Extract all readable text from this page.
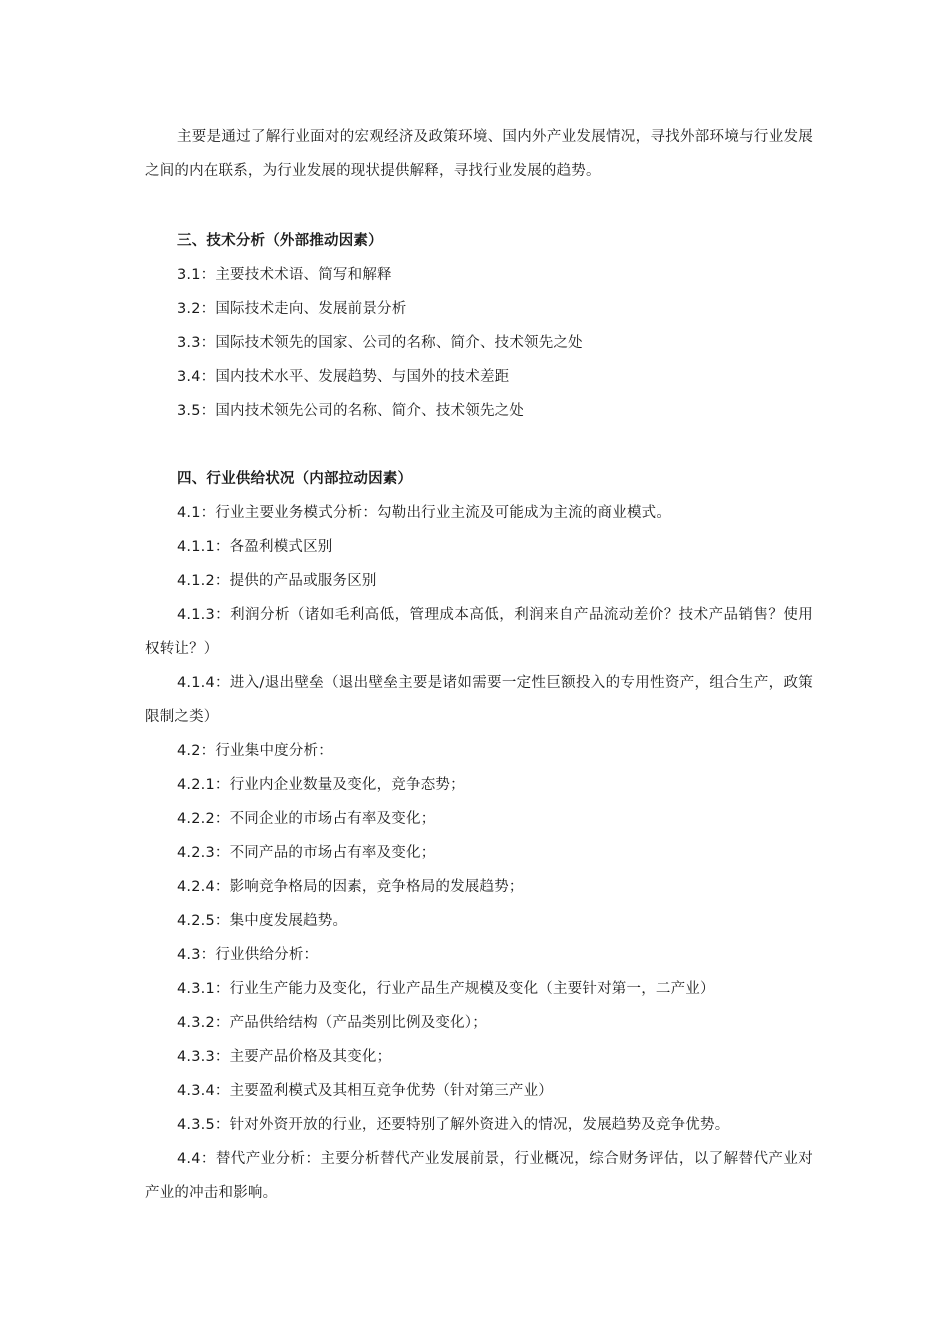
主要是通过了解行业面对的宏观经济及政策环境、国内外产业发展情况，寻找外部环境与行业发展之间的内在联系，为行业发展的现状提供解释，寻找行业发展的趋势。

三、技术分析（外部推动因素）

3.1：主要技术术语、简写和解释

3.2：国际技术走向、发展前景分析

3.3：国际技术领先的国家、公司的名称、简介、技术领先之处

3.4：国内技术水平、发展趋势、与国外的技术差距

3.5：国内技术领先公司的名称、简介、技术领先之处

四、行业供给状况（内部拉动因素）

4.1：行业主要业务模式分析：勾勒出行业主流及可能成为主流的商业模式。

4.1.1：各盈利模式区别

4.1.2：提供的产品或服务区别

4.1.3：利润分析（诸如毛利高低，管理成本高低，利润来自产品流动差价？技术产品销售？使用权转让？）

4.1.4：进入/退出壁垒（退出壁垒主要是诸如需要一定性巨额投入的专用性资产，组合生产，政策限制之类）

4.2：行业集中度分析：

4.2.1：行业内企业数量及变化，竞争态势；

4.2.2：不同企业的市场占有率及变化；

4.2.3：不同产品的市场占有率及变化；

4.2.4：影响竞争格局的因素，竞争格局的发展趋势；

4.2.5：集中度发展趋势。

4.3：行业供给分析：

4.3.1：行业生产能力及变化，行业产品生产规模及变化（主要针对第一，二产业）

4.3.2：产品供给结构（产品类别比例及变化）；

4.3.3：主要产品价格及其变化；

4.3.4：主要盈利模式及其相互竞争优势（针对第三产业）

4.3.5：针对外资开放的行业，还要特别了解外资进入的情况，发展趋势及竞争优势。

4.4：替代产业分析：主要分析替代产业发展前景，行业概况，综合财务评估，以了解替代产业对产业的冲击和影响。
